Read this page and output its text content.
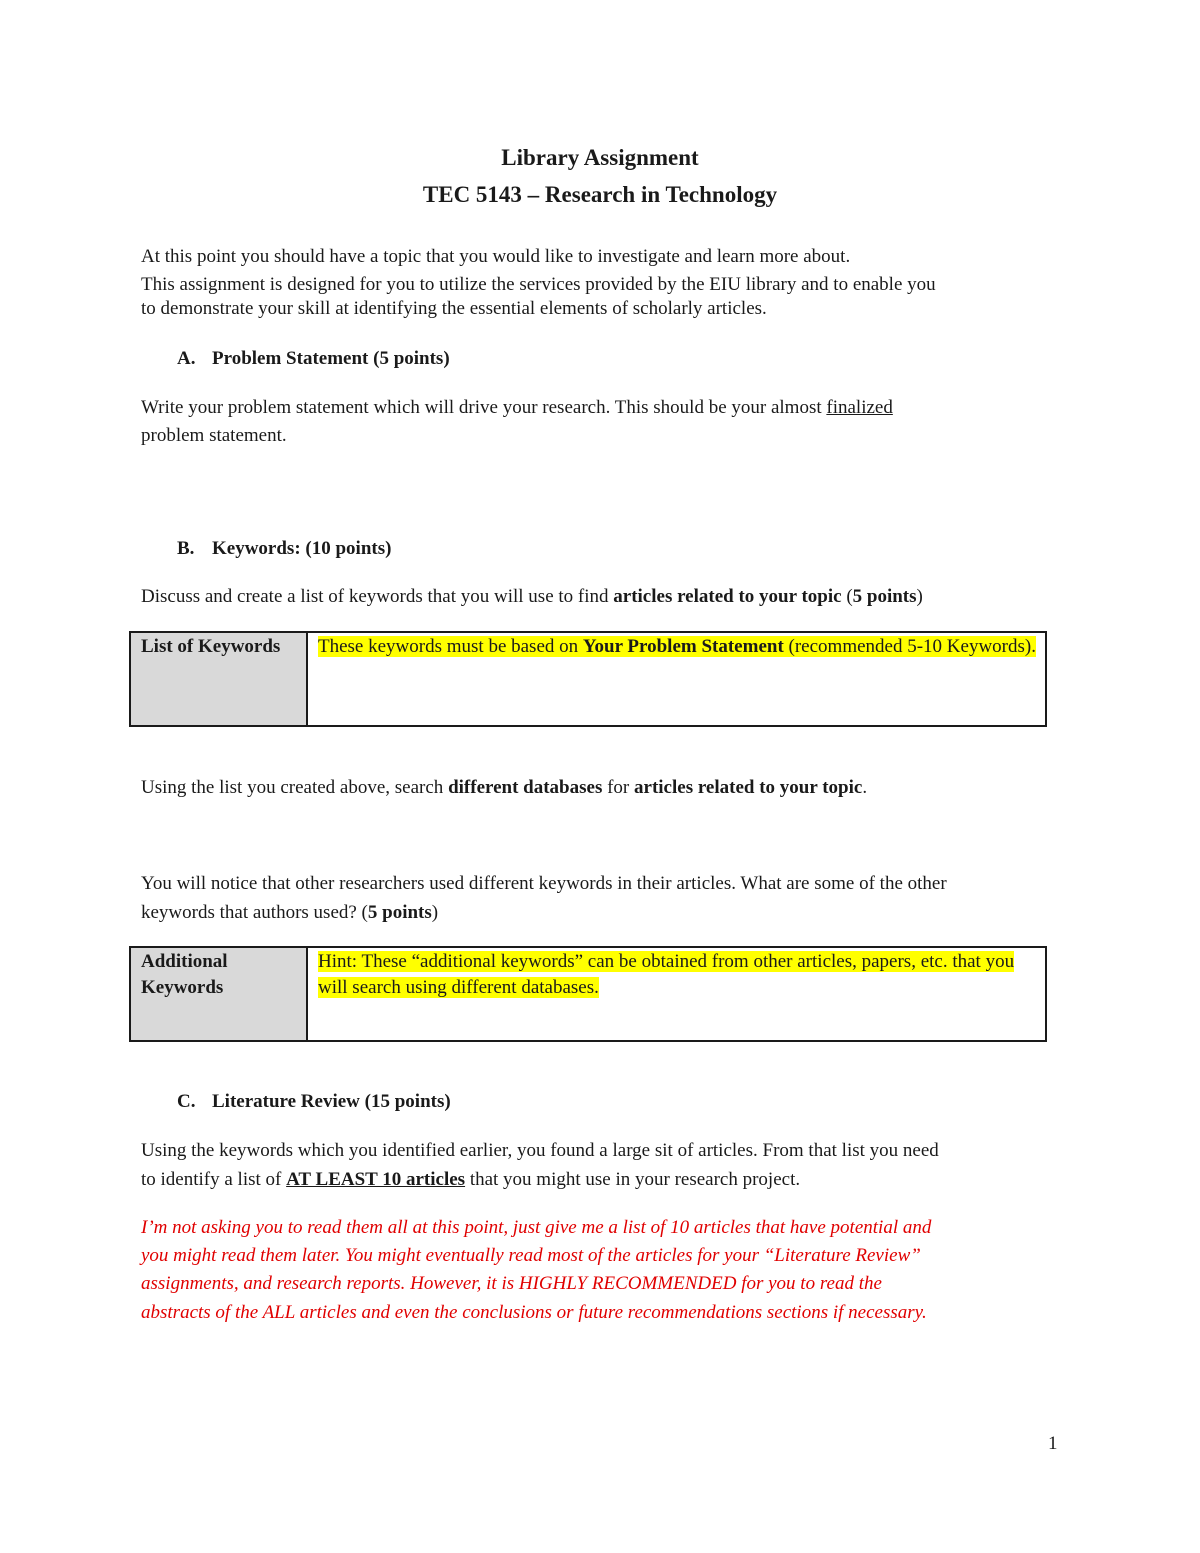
Library Assignment
TEC 5143 – Research in Technology
At this point you should have a topic that you would like to investigate and learn more about.
This assignment is designed for you to utilize the services provided by the EIU library and to enable you
to demonstrate your skill at identifying the essential elements of scholarly articles.
A. Problem Statement (5 points)
Write your problem statement which will drive your research. This should be your almost finalized
problem statement.
B. Keywords: (10 points)
Discuss and create a list of keywords that you will use to find articles related to your topic (5 points)
List of Keywords	These keywords must be based on Your Problem Statement (recommended 5-10 Keywords).
Using the list you created above, search different databases for articles related to your topic.
You will notice that other researchers used different keywords in their articles. What are some of the other
keywords that authors used? (5 points)
Additional Keywords
Hint: These “additional keywords” can be obtained from other articles, papers, etc. that you will search using different databases.
C. Literature Review (15 points)
Using the keywords which you identified earlier, you found a large sit of articles. From that list you need
to identify a list of AT LEAST 10 articles that you might use in your research project.
I’m not asking you to read them all at this point, just give me a list of 10 articles that have potential and
you might read them later. You might eventually read most of the articles for your “Literature Review”
assignments, and research reports. However, it is HIGHLY RECOMMENDED for you to read the
abstracts of the ALL articles and even the conclusions or future recommendations sections if necessary.
1
